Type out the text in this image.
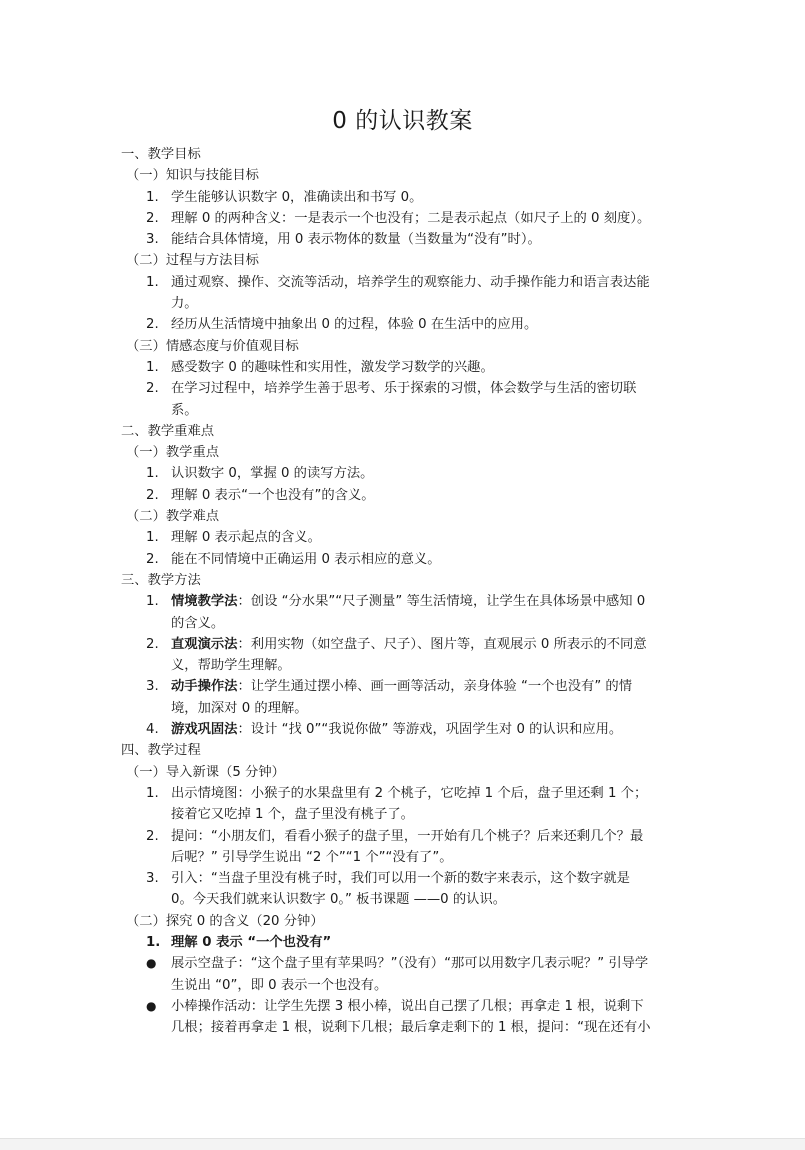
0 的认识教案
一、教学目标
（一）知识与技能目标
1. 学生能够认识数字 0，准确读出和书写 0。
2. 理解 0 的两种含义：一是表示一个也没有；二是表示起点（如尺子上的 0 刻度）。
3. 能结合具体情境，用 0 表示物体的数量（当数量为“没有”时）。
（二）过程与方法目标
1. 通过观察、操作、交流等活动，培养学生的观察能力、动手操作能力和语言表达能
力。
2. 经历从生活情境中抽象出 0 的过程，体验 0 在生活中的应用。
（三）情感态度与价值观目标
1. 感受数字 0 的趣味性和实用性，激发学习数学的兴趣。
2. 在学习过程中，培养学生善于思考、乐于探索的习惯，体会数学与生活的密切联
系。
二、教学重难点
（一）教学重点
1. 认识数字 0，掌握 0 的读写方法。
2. 理解 0 表示“一个也没有”的含义。
（二）教学难点
1. 理解 0 表示起点的含义。
2. 能在不同情境中正确运用 0 表示相应的意义。
三、教学方法
1. 情境教学法：创设 “分水果”“尺子测量” 等生活情境，让学生在具体场景中感知 0
的含义。
2. 直观演示法：利用实物（如空盘子、尺子）、图片等，直观展示 0 所表示的不同意
义，帮助学生理解。
3. 动手操作法：让学生通过摆小棒、画一画等活动，亲身体验 “一个也没有” 的情
境，加深对 0 的理解。
4. 游戏巩固法：设计 “找 0”“我说你做” 等游戏，巩固学生对 0 的认识和应用。
四、教学过程
（一）导入新课（5 分钟）
1. 出示情境图：小猴子的水果盘里有 2 个桃子，它吃掉 1 个后，盘子里还剩 1 个；
接着它又吃掉 1 个，盘子里没有桃子了。
2. 提问：“小朋友们，看看小猴子的盘子里，一开始有几个桃子？后来还剩几个？最
后呢？” 引导学生说出 “2 个”“1 个”“没有了”。
3. 引入：“当盘子里没有桃子时，我们可以用一个新的数字来表示，这个数字就是
0。今天我们就来认识数字 0。” 板书课题 ——0 的认识。
（二）探究 0 的含义（20 分钟）
1. 理解 0 表示 “一个也没有”
● 展示空盘子：“这个盘子里有苹果吗？”（没有）“那可以用数字几表示呢？” 引导学
生说出 “0”，即 0 表示一个也没有。
● 小棒操作活动：让学生先摆 3 根小棒，说出自己摆了几根；再拿走 1 根，说剩下
几根；接着再拿走 1 根，说剩下几根；最后拿走剩下的 1 根，提问：“现在还有小
